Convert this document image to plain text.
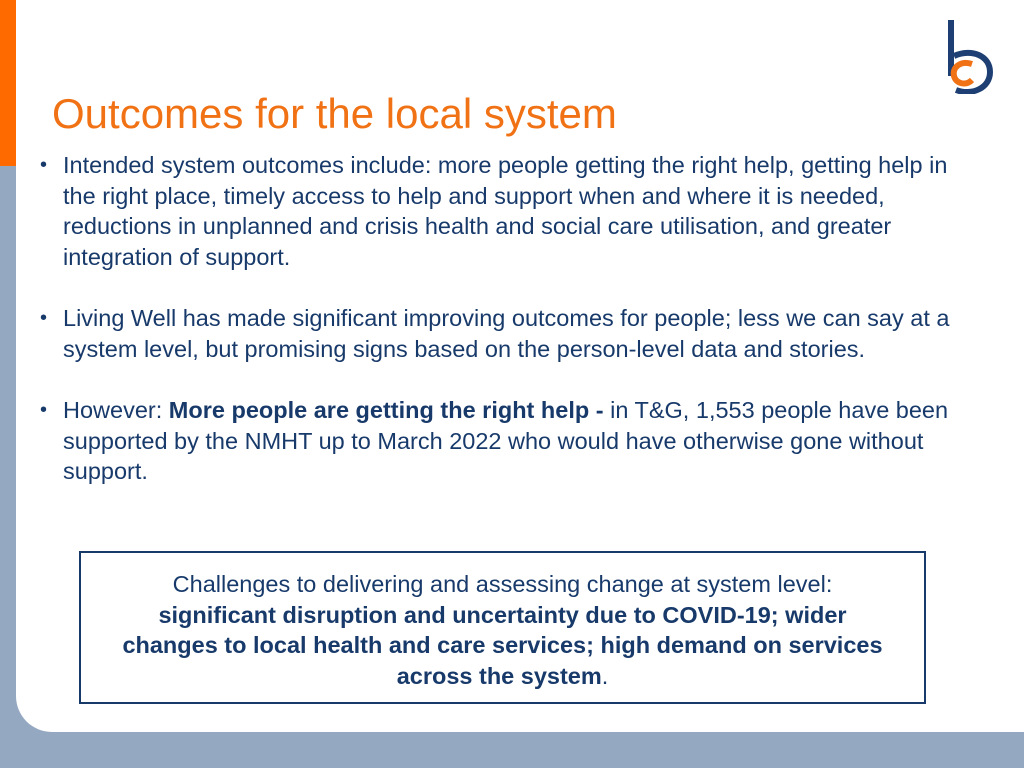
Outcomes for the local system
• Intended system outcomes include: more people getting the right help, getting help in the right place, timely access to help and support when and where it is needed, reductions in unplanned and crisis health and social care utilisation, and greater integration of support.
• Living Well has made significant improving outcomes for people; less we can say at a system level, but promising signs based on the person-level data and stories.
• However: More people are getting the right help - in T&G, 1,553 people have been supported by the NMHT up to March 2022 who would have otherwise gone without support.
Challenges to delivering and assessing change at system level:
significant disruption and uncertainty due to COVID-19; wider changes to local health and care services; high demand on services across the system.
